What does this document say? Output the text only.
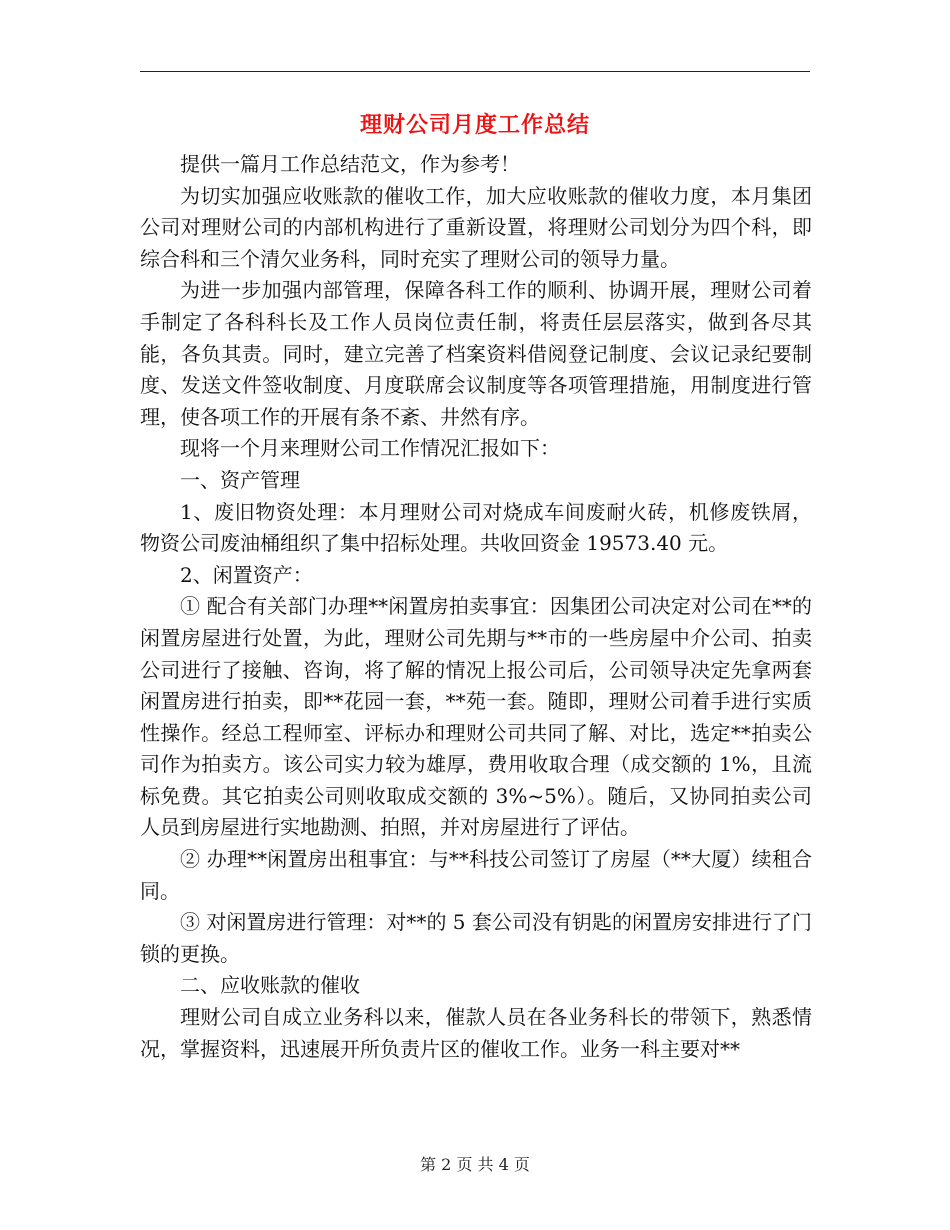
理财公司月度工作总结

提供一篇月工作总结范文，作为参考！

为切实加强应收账款的催收工作，加大应收账款的催收力度，本月集团公司对理财公司的内部机构进行了重新设置，将理财公司划分为四个科，即综合科和三个清欠业务科，同时充实了理财公司的领导力量。

为进一步加强内部管理，保障各科工作的顺利、协调开展，理财公司着手制定了各科科长及工作人员岗位责任制，将责任层层落实，做到各尽其能，各负其责。同时，建立完善了档案资料借阅登记制度、会议记录纪要制度、发送文件签收制度、月度联席会议制度等各项管理措施，用制度进行管理，使各项工作的开展有条不紊、井然有序。

现将一个月来理财公司工作情况汇报如下：

一、资产管理

1、废旧物资处理：本月理财公司对烧成车间废耐火砖，机修废铁屑，物资公司废油桶组织了集中招标处理。共收回资金 19573.40 元。

2、闲置资产：

① 配合有关部门办理**闲置房拍卖事宜：因集团公司决定对公司在**的闲置房屋进行处置，为此，理财公司先期与**市的一些房屋中介公司、拍卖公司进行了接触、咨询，将了解的情况上报公司后，公司领导决定先拿两套闲置房进行拍卖，即**花园一套，**苑一套。随即，理财公司着手进行实质性操作。经总工程师室、评标办和理财公司共同了解、对比，选定**拍卖公司作为拍卖方。该公司实力较为雄厚，费用收取合理（成交额的 1%，且流标免费。其它拍卖公司则收取成交额的 3%~5%）。随后，又协同拍卖公司人员到房屋进行实地勘测、拍照，并对房屋进行了评估。

② 办理**闲置房出租事宜：与**科技公司签订了房屋（**大厦）续租合同。

③ 对闲置房进行管理：对**的 5 套公司没有钥匙的闲置房安排进行了门锁的更换。

二、应收账款的催收

理财公司自成立业务科以来，催款人员在各业务科长的带领下，熟悉情况，掌握资料，迅速展开所负责片区的催收工作。业务一科主要对**

第 2 页 共 4 页
